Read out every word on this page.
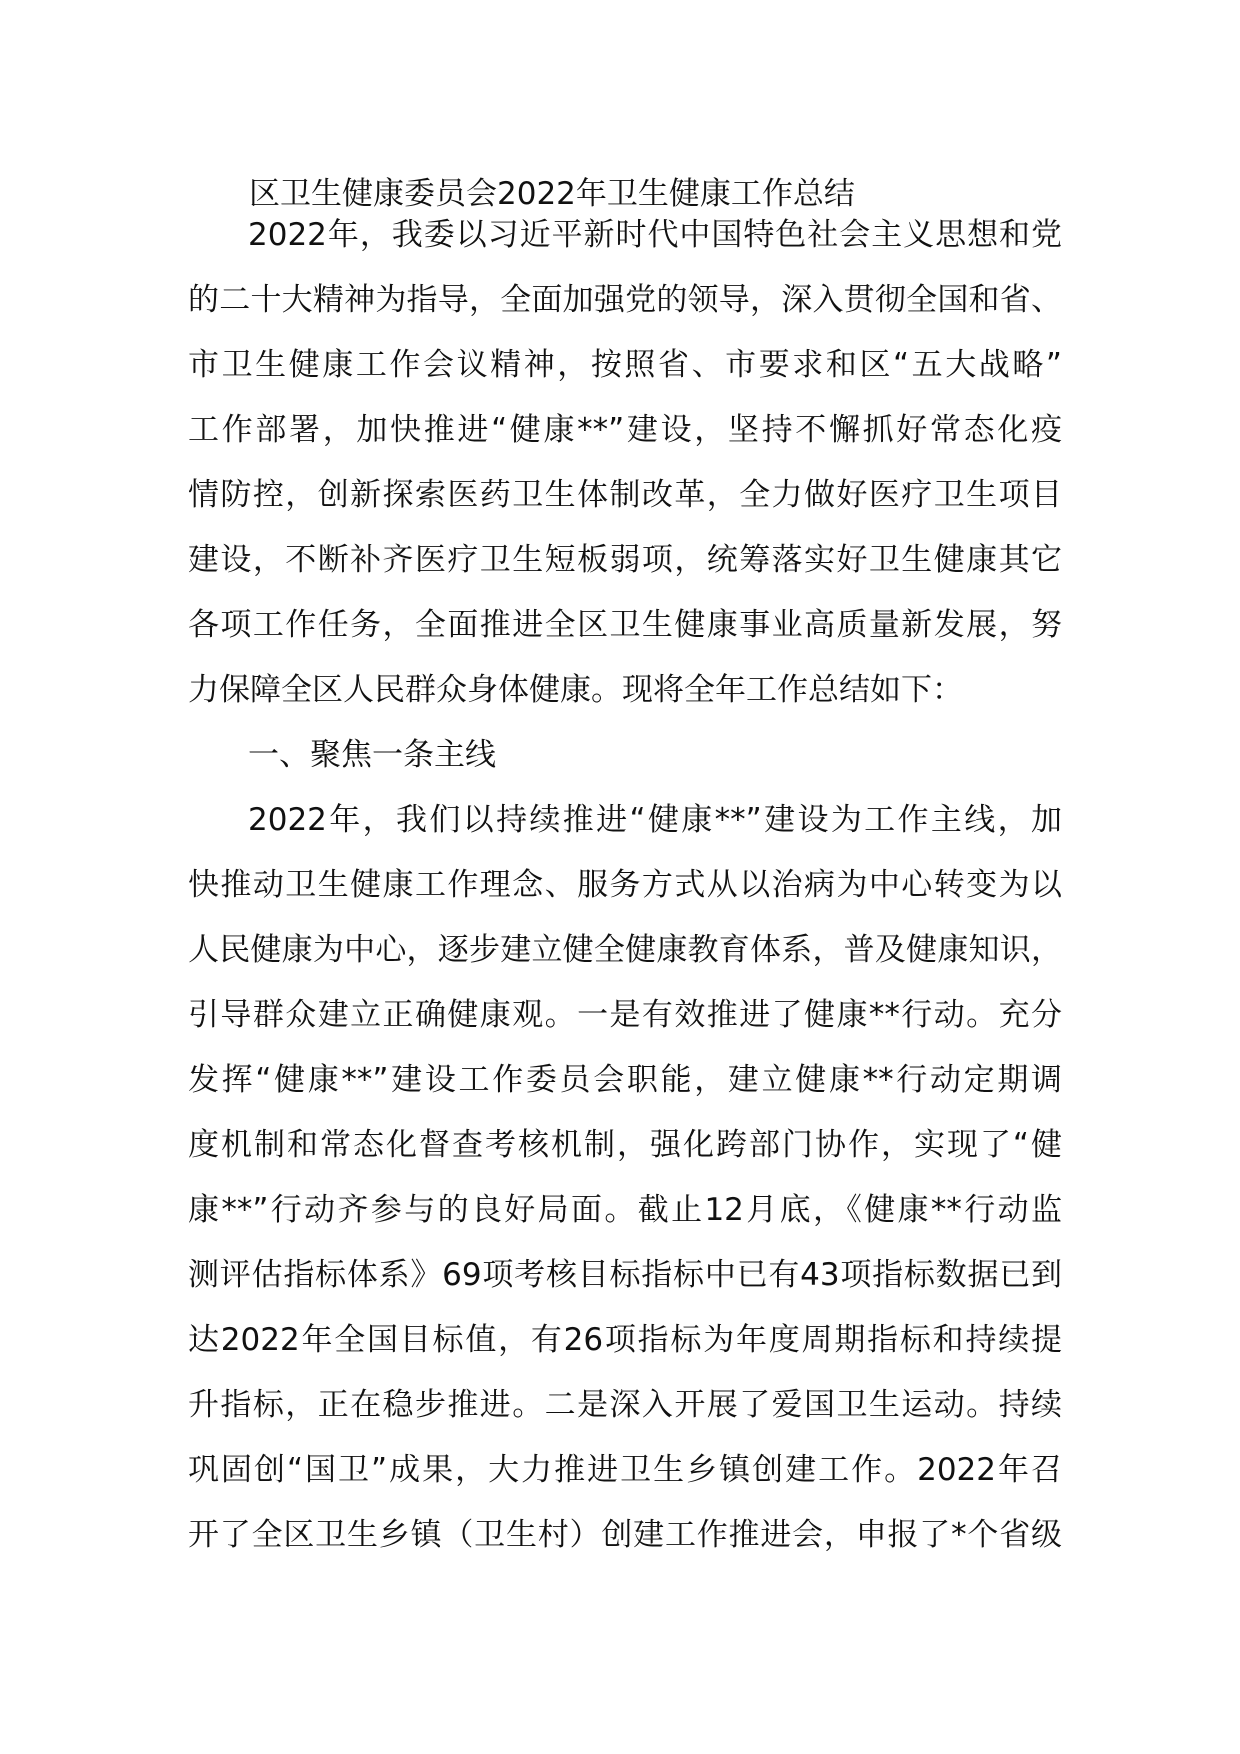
区卫生健康委员会2022年卫生健康工作总结
2022年，我委以习近平新时代中国特色社会主义思想和党
的二十大精神为指导，全面加强党的领导，深入贯彻全国和省、
市卫生健康工作会议精神，按照省、市要求和区“五大战略”
工作部署，加快推进“健康**”建设，坚持不懈抓好常态化疫
情防控，创新探索医药卫生体制改革，全力做好医疗卫生项目
建设，不断补齐医疗卫生短板弱项，统筹落实好卫生健康其它
各项工作任务，全面推进全区卫生健康事业高质量新发展，努
力保障全区人民群众身体健康。现将全年工作总结如下：
一、聚焦一条主线
2022年，我们以持续推进“健康**”建设为工作主线，加
快推动卫生健康工作理念、服务方式从以治病为中心转变为以
人民健康为中心，逐步建立健全健康教育体系，普及健康知识，
引导群众建立正确健康观。一是有效推进了健康**行动。充分
发挥“健康**”建设工作委员会职能，建立健康**行动定期调
度机制和常态化督查考核机制，强化跨部门协作，实现了“健
康**”行动齐参与的良好局面。截止12月底，《健康**行动监
测评估指标体系》69项考核目标指标中已有43项指标数据已到
达2022年全国目标值，有26项指标为年度周期指标和持续提
升指标，正在稳步推进。二是深入开展了爱国卫生运动。持续
巩固创“国卫”成果，大力推进卫生乡镇创建工作。2022年召
开了全区卫生乡镇（卫生村）创建工作推进会，申报了*个省级
